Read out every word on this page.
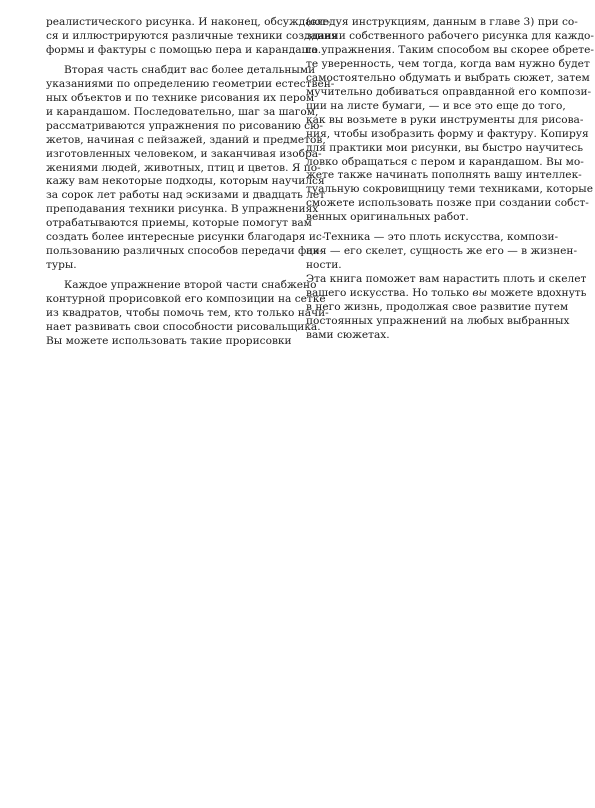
реалистического рисунка. И наконец, обсуждают-
ся и иллюстрируются различные техники создания
формы и фактуры с помощью пера и карандаша.
Вторая часть снабдит вас более детальными
указаниями по определению геометрии естествен-
ных объектов и по технике рисования их пером
и карандашом. Последовательно, шаг за шагом,
рассматриваются упражнения по рисованию сю-
жетов, начиная с пейзажей, зданий и предметов,
изготовленных человеком, и заканчивая изобра-
жениями людей, животных, птиц и цветов. Я по-
кажу вам некоторые подходы, которым научился
за сорок лет работы над эскизами и двадцать лет
преподавания техники рисунка. В упражнениях
отрабатываются приемы, которые помогут вам
создать более интересные рисунки благодаря ис-
пользованию различных способов передачи фак-
туры.
Каждое упражнение второй части снабжено
контурной прорисовкой его композиции на сетке
из квадратов, чтобы помочь тем, кто только начи-
нает развивать свои способности рисовальщика.
Вы можете использовать такие прорисовки
(следуя инструкциям, данным в главе 3) при со-
здании собственного рабочего рисунка для каждо-
го упражнения. Таким способом вы скорее обрете-
те уверенность, чем тогда, когда вам нужно будет
самостоятельно обдумать и выбрать сюжет, затем
мучительно добиваться оправданной его компози-
ции на листе бумаги, — и все это еще до того,
как вы возьмете в руки инструменты для рисова-
ния, чтобы изобразить форму и фактуру. Копируя
для практики мои рисунки, вы быстро научитесь
ловко обращаться с пером и карандашом. Вы мо-
жете также начинать пополнять вашу интеллек-
туальную сокровищницу теми техниками, которые
сможете использовать позже при создании собст-
венных оригинальных работ.
Техника — это плоть искусства, компози-
ция — его скелет, сущность же его — в жизнен-
ности.
Эта книга поможет вам нарастить плоть и скелет
вашего искусства. Но только вы можете вдохнуть
в него жизнь, продолжая свое развитие путем
постоянных упражнений на любых выбранных
вами сюжетах.
